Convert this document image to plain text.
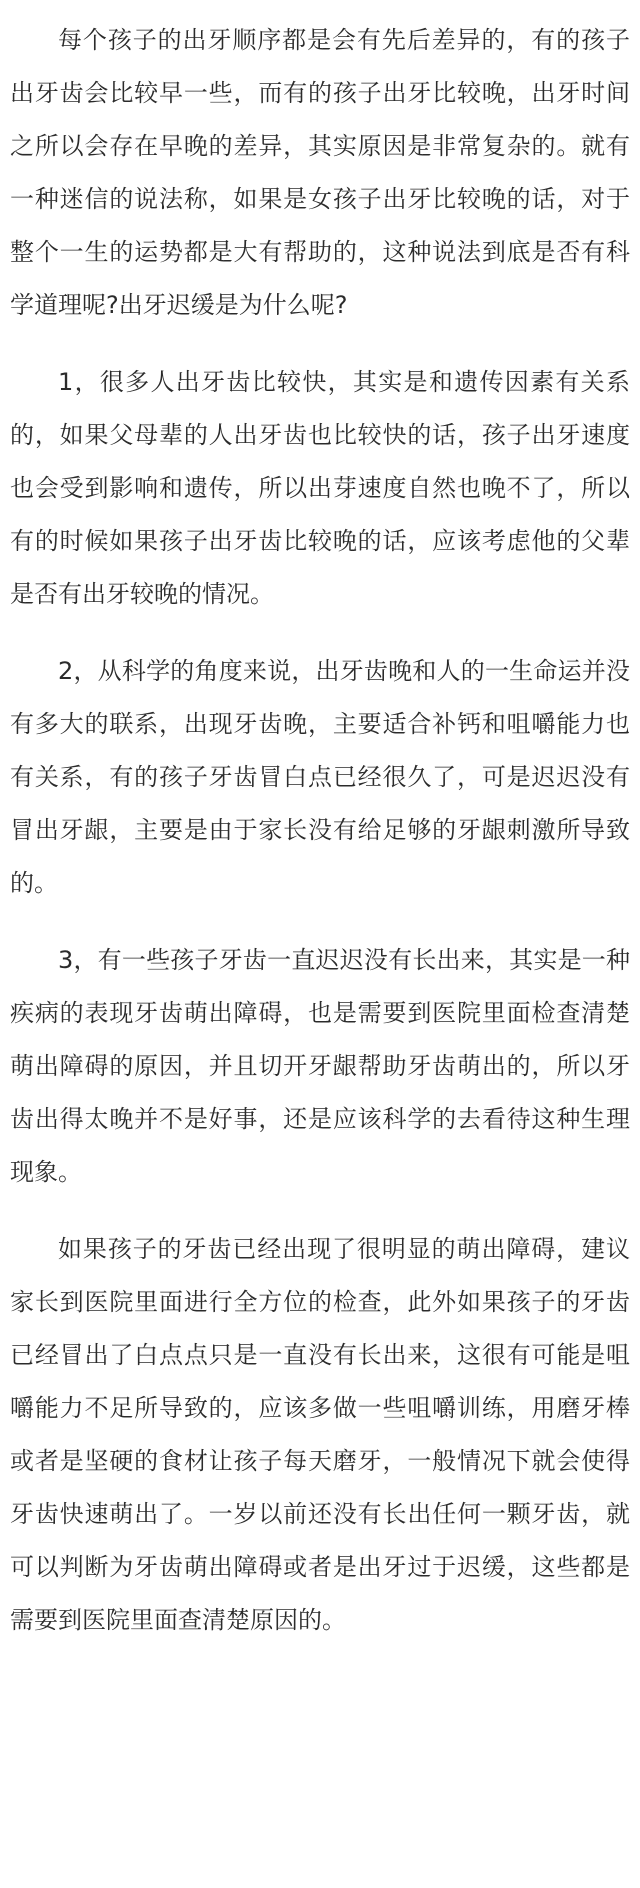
每个孩子的出牙顺序都是会有先后差异的，有的孩子出牙齿会比较早一些，而有的孩子出牙比较晚，出牙时间之所以会存在早晚的差异，其实原因是非常复杂的。就有一种迷信的说法称，如果是女孩子出牙比较晚的话，对于整个一生的运势都是大有帮助的，这种说法到底是否有科学道理呢?出牙迟缓是为什么呢?

1，很多人出牙齿比较快，其实是和遗传因素有关系的，如果父母辈的人出牙齿也比较快的话，孩子出牙速度也会受到影响和遗传，所以出芽速度自然也晚不了，所以有的时候如果孩子出牙齿比较晚的话，应该考虑他的父辈是否有出牙较晚的情况。

2，从科学的角度来说，出牙齿晚和人的一生命运并没有多大的联系，出现牙齿晚，主要适合补钙和咀嚼能力也有关系，有的孩子牙齿冒白点已经很久了，可是迟迟没有冒出牙龈，主要是由于家长没有给足够的牙龈刺激所导致的。

3，有一些孩子牙齿一直迟迟没有长出来，其实是一种疾病的表现牙齿萌出障碍，也是需要到医院里面检查清楚萌出障碍的原因，并且切开牙龈帮助牙齿萌出的，所以牙齿出得太晚并不是好事，还是应该科学的去看待这种生理现象。

如果孩子的牙齿已经出现了很明显的萌出障碍，建议家长到医院里面进行全方位的检查，此外如果孩子的牙齿已经冒出了白点点只是一直没有长出来，这很有可能是咀嚼能力不足所导致的，应该多做一些咀嚼训练，用磨牙棒或者是坚硬的食材让孩子每天磨牙，一般情况下就会使得牙齿快速萌出了。一岁以前还没有长出任何一颗牙齿，就可以判断为牙齿萌出障碍或者是出牙过于迟缓，这些都是需要到医院里面查清楚原因的。
